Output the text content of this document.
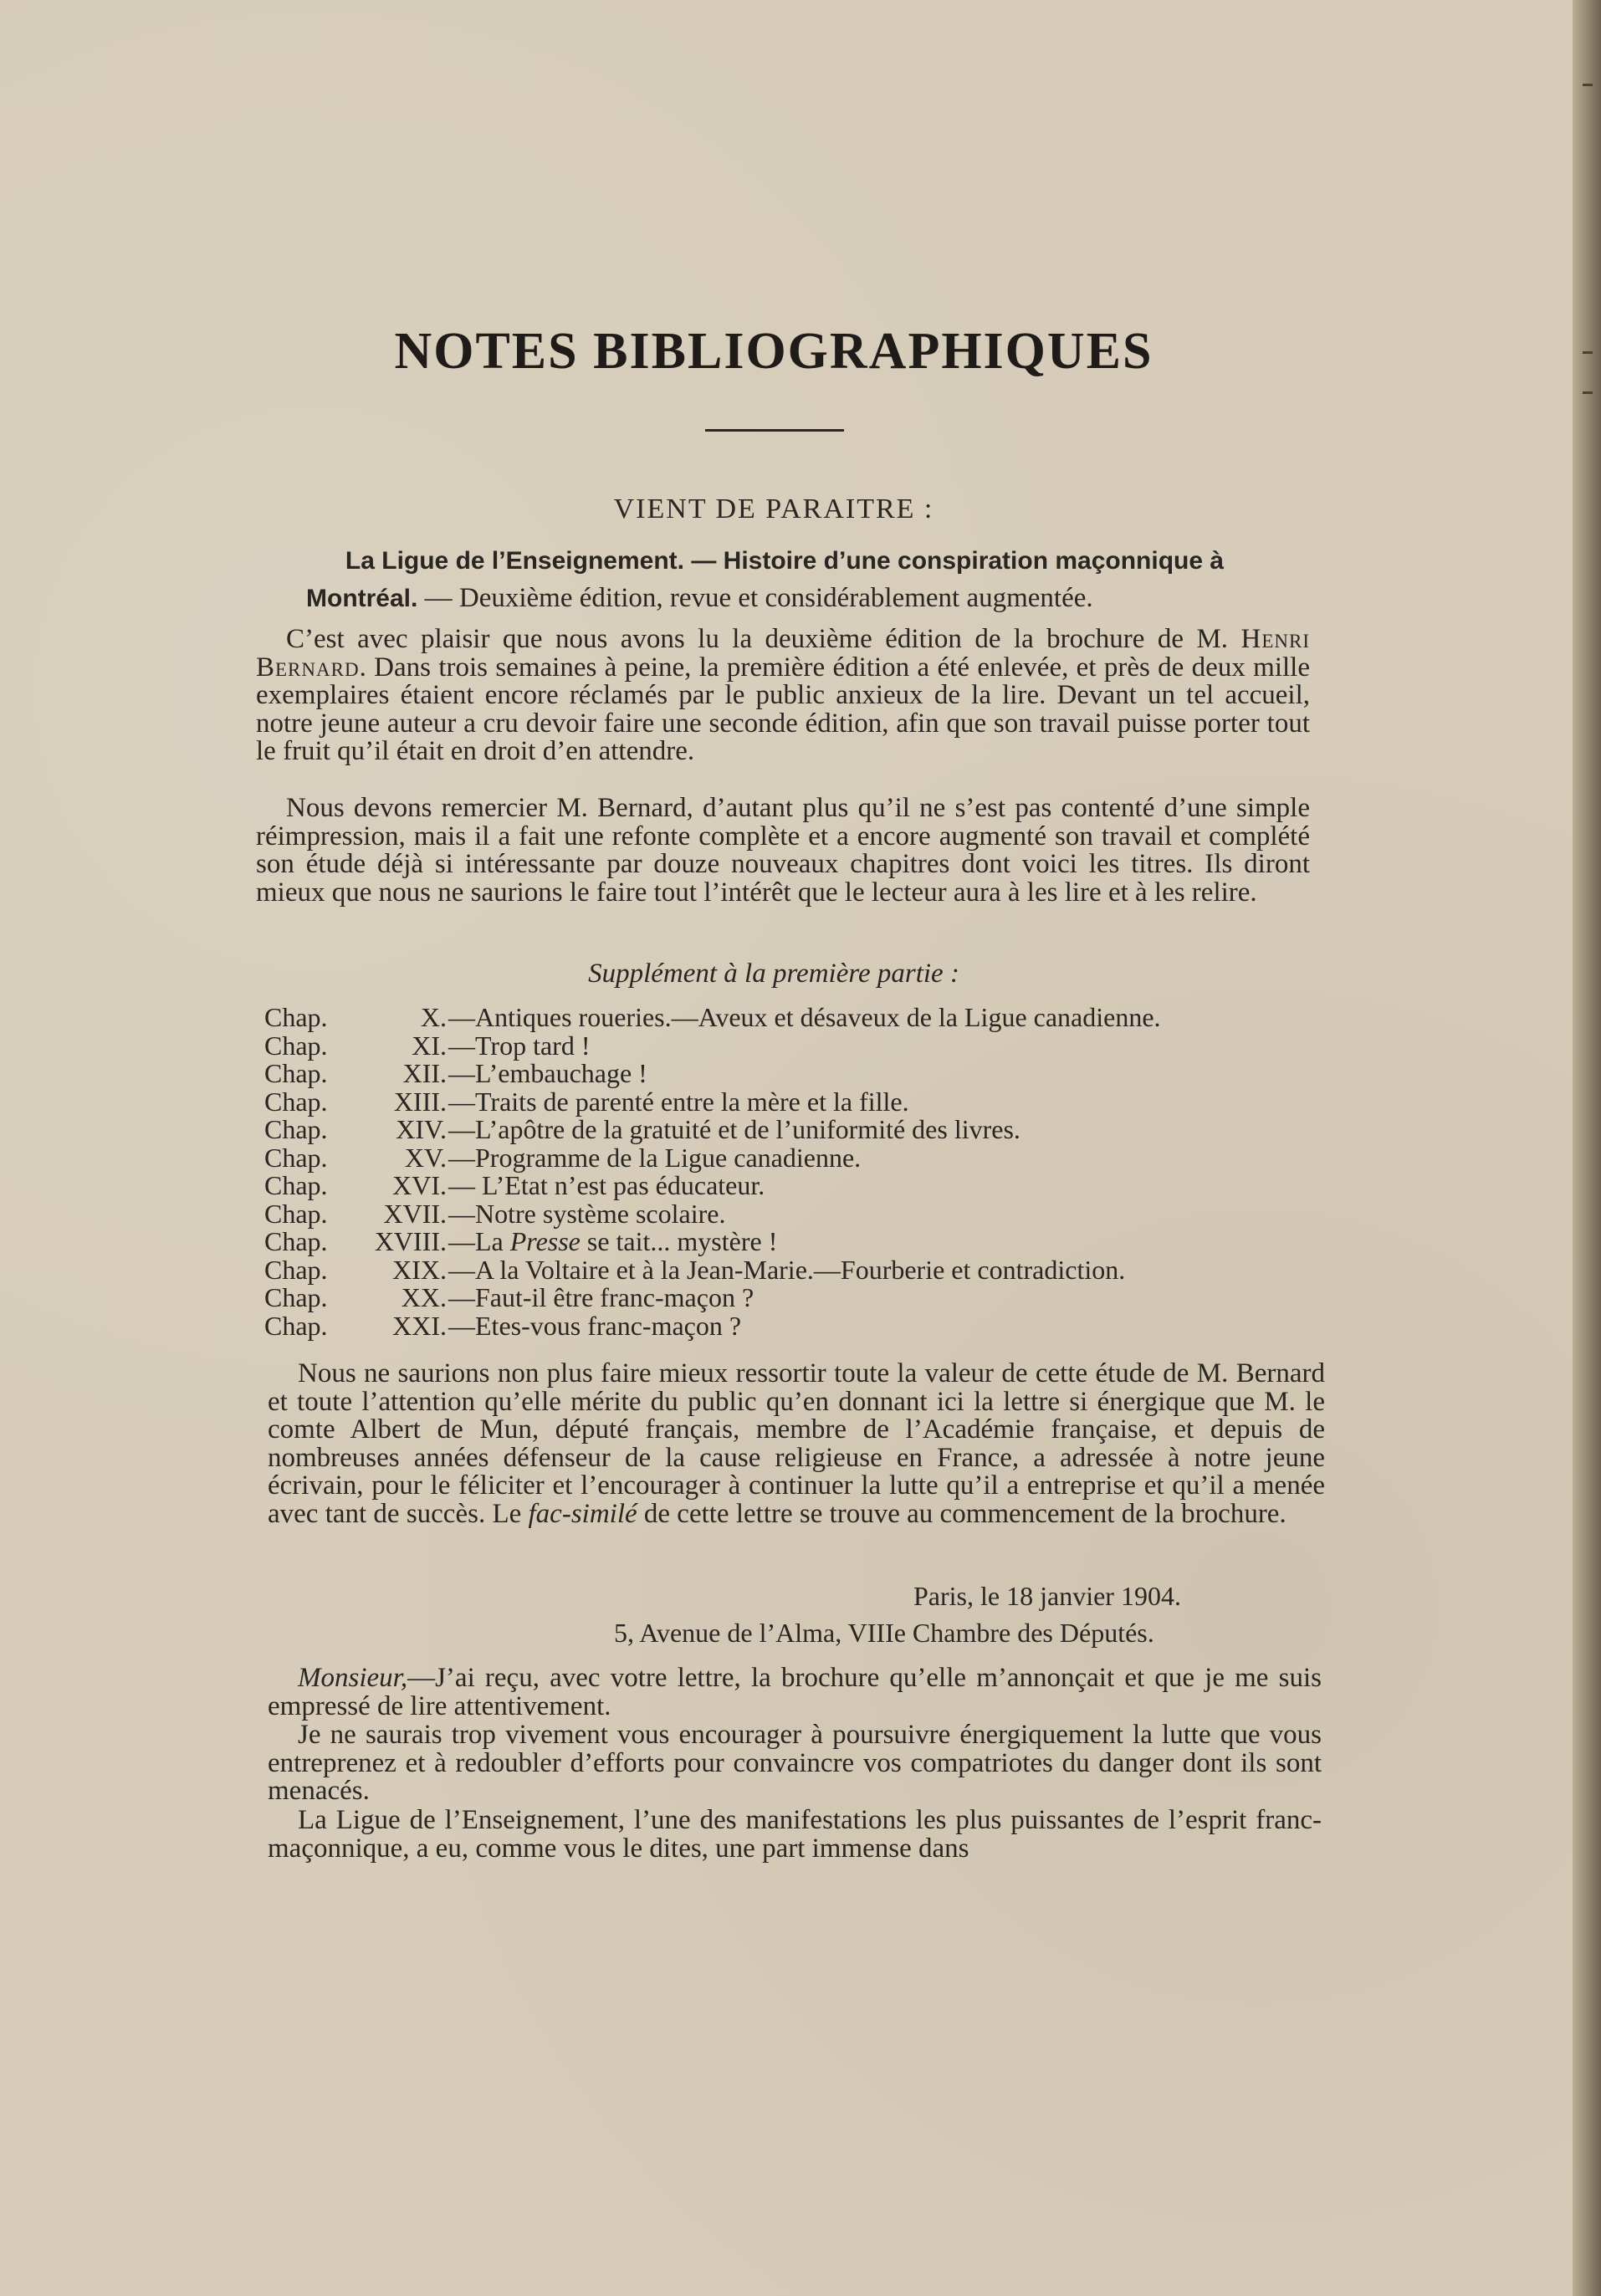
NOTES BIBLIOGRAPHIQUES
VIENT DE PARAITRE :
La Ligue de l’Enseignement. — Histoire d’une conspiration maçonnique à
Montréal. — Deuxième édition, revue et considérablement augmentée.
C’est avec plaisir que nous avons lu la deuxième édition de la brochure de M. Henri Bernard. Dans trois semaines à peine, la première édition a été enlevée, et près de deux mille exemplaires étaient encore réclamés par le public anxieux de la lire. Devant un tel accueil, notre jeune auteur a cru devoir faire une seconde édition, afin que son travail puisse porter tout le fruit qu’il était en droit d’en attendre.
Nous devons remercier M. Bernard, d’autant plus qu’il ne s’est pas contenté d’une simple réimpression, mais il a fait une refonte complète et a encore augmenté son travail et complété son étude déjà si intéressante par douze nouveaux chapitres dont voici les titres. Ils diront mieux que nous ne saurions le faire tout l’intérêt que le lecteur aura à les lire et à les relire.
Supplément à la première partie :
Chap.	X. —Antiques roueries.—Aveux et désaveux de la Ligue canadienne.
Chap.	XI. —Trop tard !
Chap.	XII. —L’embauchage !
Chap.	XIII. —Traits de parenté entre la mère et la fille.
Chap.	XIV. —L’apôtre de la gratuité et de l’uniformité des livres.
Chap.	XV. —Programme de la Ligue canadienne.
Chap.	XVI. — L’Etat n’est pas éducateur.
Chap.	XVII. —Notre système scolaire.
Chap.	XVIII. —La Presse se tait... mystère !
Chap.	XIX. —A la Voltaire et à la Jean-Marie.—Fourberie et contradiction.
Chap.	XX. —Faut-il être franc-maçon ?
Chap.	XXI. —Etes-vous franc-maçon ?
Nous ne saurions non plus faire mieux ressortir toute la valeur de cette étude de M. Bernard et toute l’attention qu’elle mérite du public qu’en donnant ici la lettre si énergique que M. le comte Albert de Mun, député français, membre de l’Académie française, et depuis de nombreuses années défenseur de la cause religieuse en France, a adressée à notre jeune écrivain, pour le féliciter et l’encourager à continuer la lutte qu’il a entreprise et qu’il a menée avec tant de succès. Le fac-similé de cette lettre se trouve au commencement de la brochure.
Paris, le 18 janvier 1904.
5, Avenue de l’Alma, VIIIe Chambre des Députés.
Monsieur,—J’ai reçu, avec votre lettre, la brochure qu’elle m’annonçait et que je me suis empressé de lire attentivement.
Je ne saurais trop vivement vous encourager à poursuivre énergiquement la lutte que vous entreprenez et à redoubler d’efforts pour convaincre vos compatriotes du danger dont ils sont menacés.
La Ligue de l’Enseignement, l’une des manifestations les plus puissantes de l’esprit franc-maçonnique, a eu, comme vous le dites, une part immense dans
